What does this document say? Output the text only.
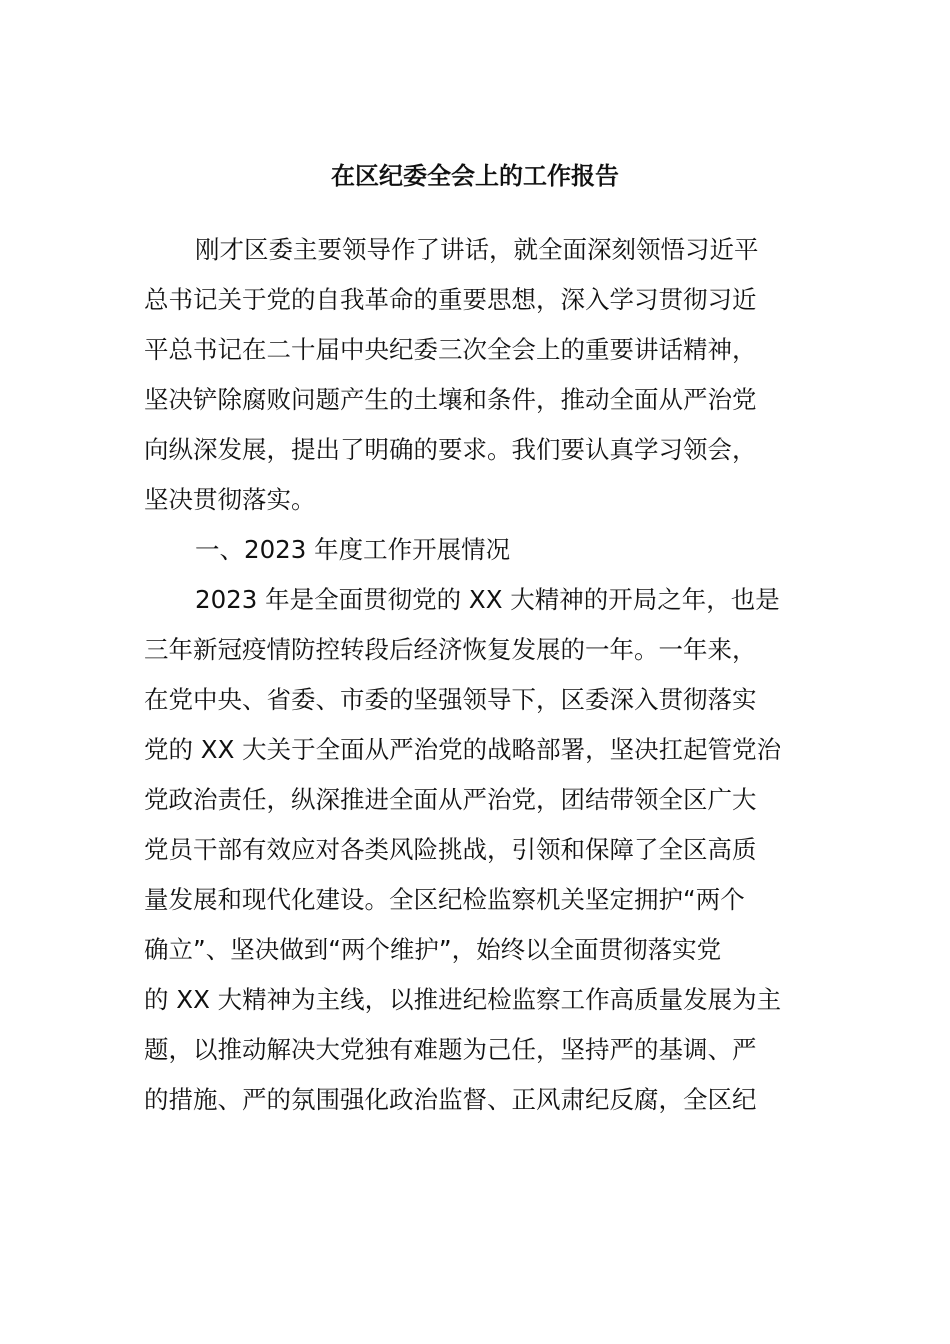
在区纪委全会上的工作报告

刚才区委主要领导作了讲话，就全面深刻领悟习近平

总书记关于党的自我革命的重要思想，深入学习贯彻习近

平总书记在二十届中央纪委三次全会上的重要讲话精神，

坚决铲除腐败问题产生的土壤和条件，推动全面从严治党

向纵深发展，提出了明确的要求。我们要认真学习领会，

坚决贯彻落实。

一、2023 年度工作开展情况

2023 年是全面贯彻党的 XX 大精神的开局之年，也是

三年新冠疫情防控转段后经济恢复发展的一年。一年来，

在党中央、省委、市委的坚强领导下，区委深入贯彻落实

党的 XX 大关于全面从严治党的战略部署，坚决扛起管党治

党政治责任，纵深推进全面从严治党，团结带领全区广大

党员干部有效应对各类风险挑战，引领和保障了全区高质

量发展和现代化建设。全区纪检监察机关坚定拥护“两个

确立”、坚决做到“两个维护”，始终以全面贯彻落实党

的 XX 大精神为主线，以推进纪检监察工作高质量发展为主

题，以推动解决大党独有难题为己任，坚持严的基调、严

的措施、严的氛围强化政治监督、正风肃纪反腐，全区纪
